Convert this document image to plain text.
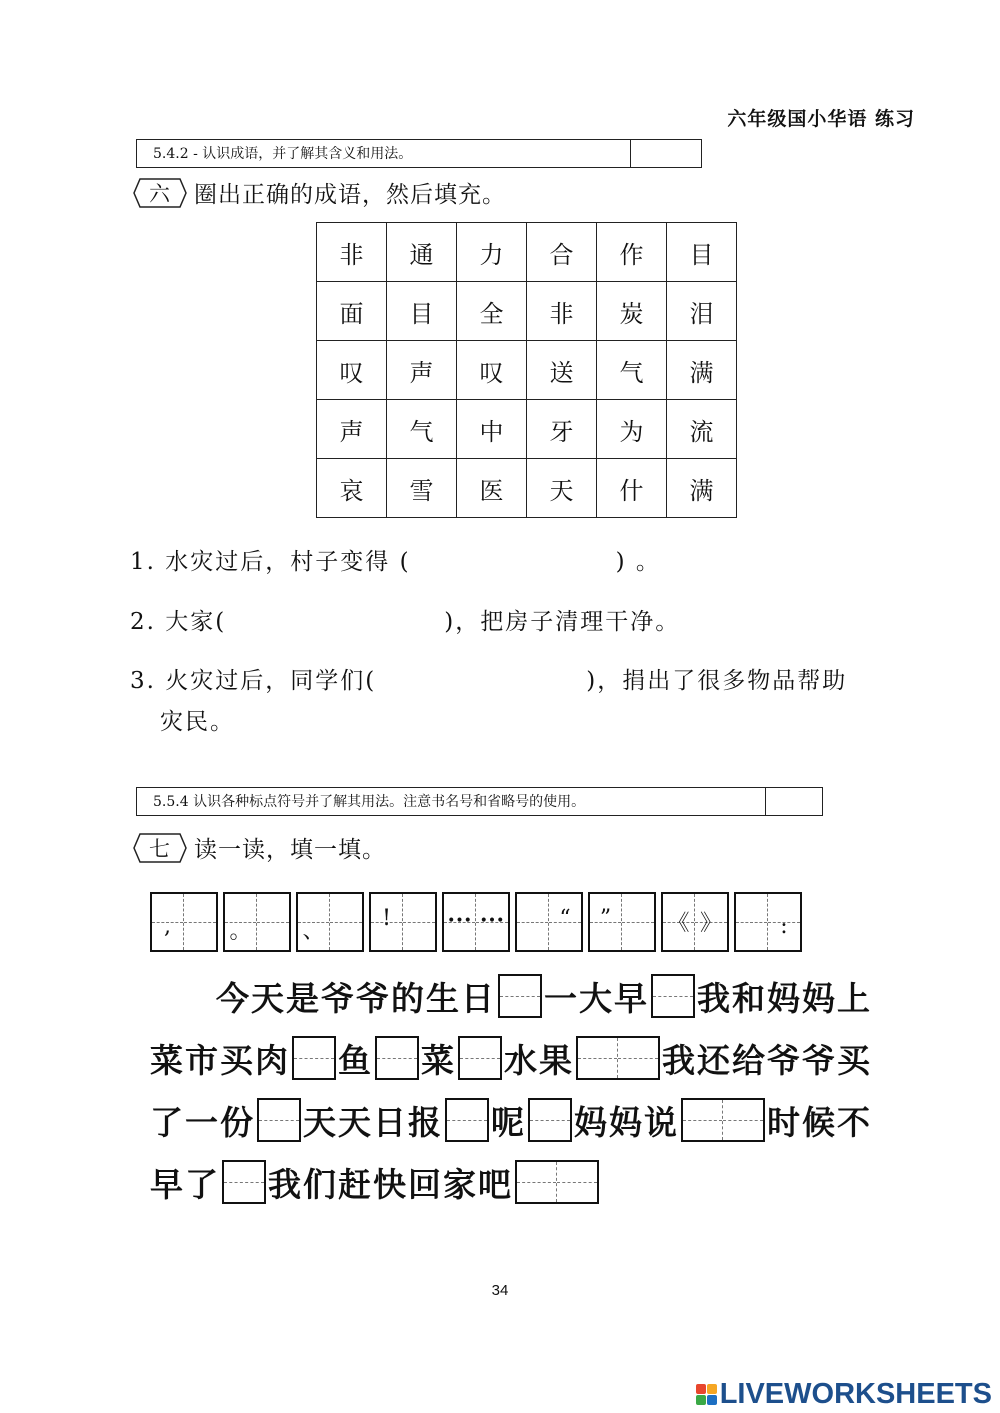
六年级国小华语 练习
5.4.2 - 认识成语，并了解其含义和用法。
六 圈出正确的成语，然后填充。
非	通	力	合	作	目
面	目	全	非	炭	泪
叹	声	叹	送	气	满
声	气	中	牙	为	流
哀	雪	医	天	什	满
1. 水灾过后，村子变得 (	) 。
2. 大家(	)，把房子清理干净。
3. 火灾过后，同学们(	)，捐出了很多物品帮助
灾民。
5.5.4 认识各种标点符号并了解其用法。注意书名号和省略号的使用。
七 读一读，填一填。
,	。 、
!	••• •••	“	”	《 》	:
今天是爷爷的生日 一大早 我和妈妈上
菜市买肉 鱼 菜 水果	我还给爷爷买
了一份 天天日报 呢 妈妈说	时候不
早了 我们赶快回家吧
34
LIVEWORKSHEETS
